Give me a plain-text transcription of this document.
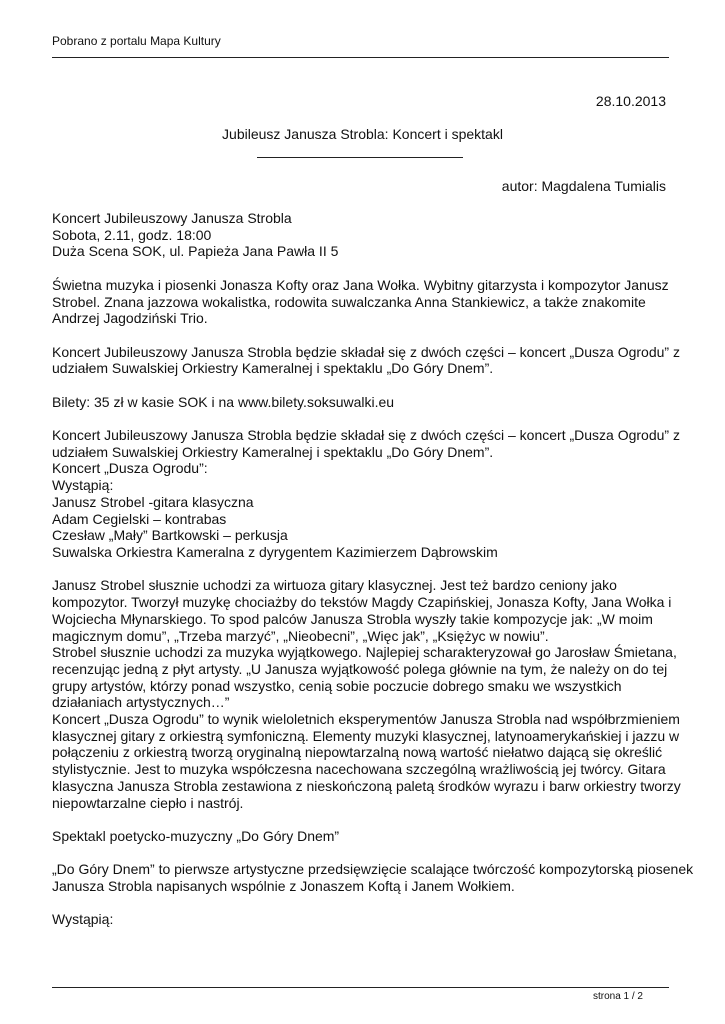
Pobrano z portalu Mapa Kultury
28.10.2013
Jubileusz Janusza Strobla: Koncert i spektakl
autor: Magdalena Tumialis
Koncert Jubileuszowy Janusza Strobla
Sobota, 2.11, godz. 18:00
Duża Scena SOK, ul. Papieża Jana Pawła II 5
Świetna muzyka i piosenki Jonasza Kofty oraz Jana Wołka. Wybitny gitarzysta i kompozytor Janusz
Strobel. Znana jazzowa wokalistka, rodowita suwalczanka Anna Stankiewicz, a także znakomite
Andrzej Jagodziński Trio.
Koncert Jubileuszowy Janusza Strobla będzie składał się z dwóch części – koncert „Dusza Ogrodu” z
udziałem Suwalskiej Orkiestry Kameralnej i spektaklu „Do Góry Dnem”.
Bilety: 35 zł w kasie SOK i na www.bilety.soksuwalki.eu
Koncert Jubileuszowy Janusza Strobla będzie składał się z dwóch części – koncert „Dusza Ogrodu” z
udziałem Suwalskiej Orkiestry Kameralnej i spektaklu „Do Góry Dnem”.
Koncert „Dusza Ogrodu”:
Wystąpią:
Janusz Strobel -gitara klasyczna
Adam Cegielski – kontrabas
Czesław „Mały” Bartkowski – perkusja
Suwalska Orkiestra Kameralna z dyrygentem Kazimierzem Dąbrowskim
Janusz Strobel słusznie uchodzi za wirtuoza gitary klasycznej. Jest też bardzo ceniony jako
kompozytor. Tworzył muzykę chociażby do tekstów Magdy Czapińskiej, Jonasza Kofty, Jana Wołka i
Wojciecha Młynarskiego. To spod palców Janusza Strobla wyszły takie kompozycje jak: „W moim
magicznym domu”, „Trzeba marzyć”, „Nieobecni”, „Więc jak”, „Księżyc w nowiu”.
Strobel słusznie uchodzi za muzyka wyjątkowego. Najlepiej scharakteryzował go Jarosław Śmietana,
recenzując jedną z płyt artysty. „U Janusza wyjątkowość polega głównie na tym, że należy on do tej
grupy artystów, którzy ponad wszystko, cenią sobie poczucie dobrego smaku we wszystkich
działaniach artystycznych…”
Koncert „Dusza Ogrodu” to wynik wieloletnich eksperymentów Janusza Strobla nad współbrzmieniem
klasycznej gitary z orkiestrą symfoniczną. Elementy muzyki klasycznej, latynoamerykańskiej i jazzu w
połączeniu z orkiestrą tworzą oryginalną niepowtarzalną nową wartość niełatwo dającą się określić
stylistycznie. Jest to muzyka współczesna nacechowana szczególną wrażliwością jej twórcy. Gitara
klasyczna Janusza Strobla zestawiona z nieskończoną paletą środków wyrazu i barw orkiestry tworzy
niepowtarzalne ciepło i nastrój.
Spektakl poetycko-muzyczny „Do Góry Dnem”
„Do Góry Dnem” to pierwsze artystyczne przedsięwzięcie scalające twórczość kompozytorską piosenek
Janusza Strobla napisanych wspólnie z Jonaszem Koftą i Janem Wołkiem.
Wystąpią:
strona 1 / 2
